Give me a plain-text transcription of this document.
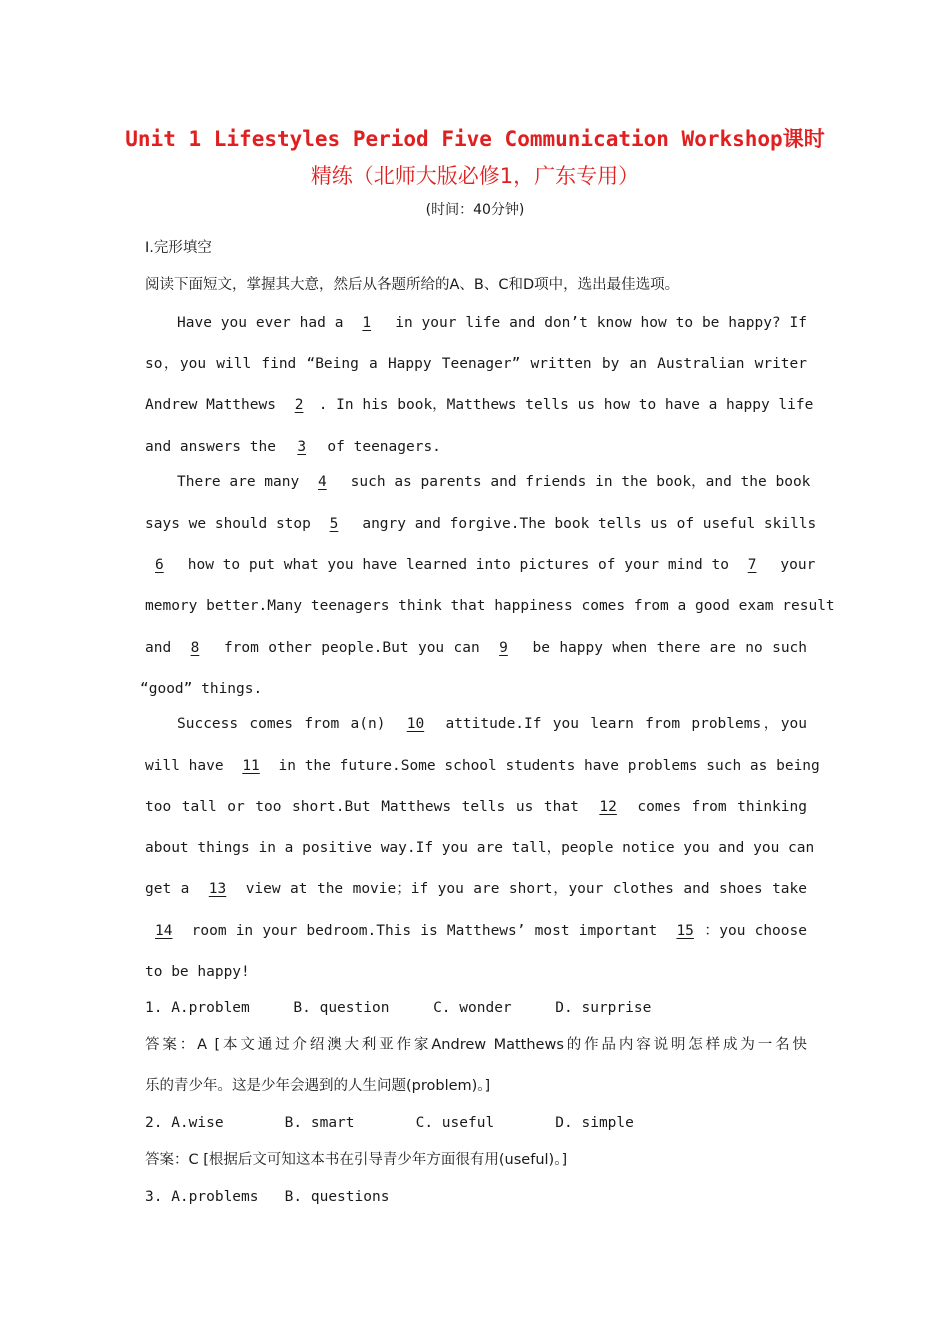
Unit 1 Lifestyles Period Five Communication Workshop课时
精练（北师大版必修1，广东专用）
(时间：40分钟)
Ⅰ.完形填空
阅读下面短文，掌握其大意，然后从各题所给的A、B、C和D项中，选出最佳选项。
Have you ever had a 1 in your life and don’t know how to be happy? If
so，you will find “Being a Happy Teenager” written by an Australian writer
Andrew Matthews 2 . In his book，Matthews tells us how to have a happy life
and answers the 3 of teenagers.
There are many 4 such as parents and friends in the book，and the book
says we should stop 5 angry and forgive.The book tells us of useful skills
6 how to put what you have learned into pictures of your mind to 7 your
memory better.Many teenagers think that happiness comes from a good exam result
and 8 from other people.But you can 9 be happy when there are no such
“good” things.
Success comes from a(n) 10 attitude.If you learn from problems，you
will have 11 in the future.Some school students have problems such as being
too tall or too short.But Matthews tells us that 12 comes from thinking
about things in a positive way.If you are tall，people notice you and you can
get a 13 view at the movie；if you are short，your clothes and shoes take
14 room in your bedroom.This is Matthews’ most important 15 ：you choose
to be happy!
1. A.problem     B. question     C. wonder     D. surprise
答案：A [本文通过介绍澳大利亚作家Andrew Matthews的作品内容说明怎样成为一名快
乐的青少年。这是少年会遇到的人生问题(problem)。]
2. A.wise       B. smart       C. useful       D. simple
答案：C [根据后文可知这本书在引导青少年方面很有用(useful)。]
3. A.problems   B. questions
